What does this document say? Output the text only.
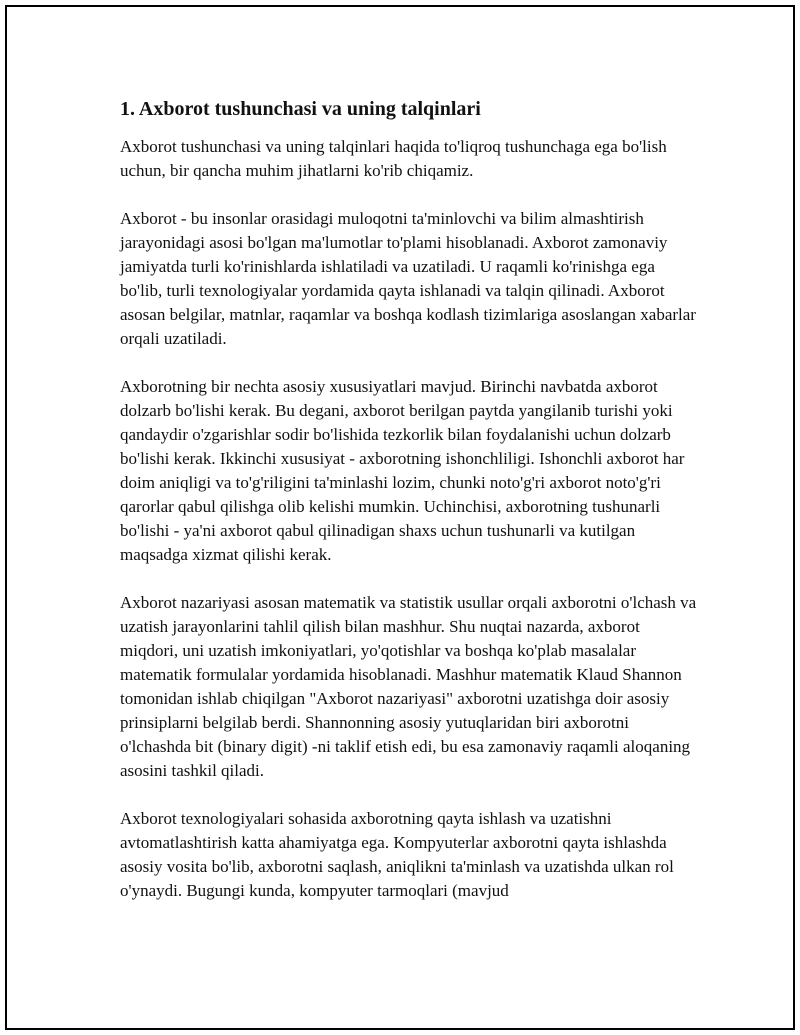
1. Axborot tushunchasi va uning talqinlari

Axborot tushunchasi va uning talqinlari haqida to'liqroq tushunchaga ega bo'lish uchun, bir qancha muhim jihatlarni ko'rib chiqamiz.

Axborot - bu insonlar orasidagi muloqotni ta'minlovchi va bilim almashtirish jarayonidagi asosi bo'lgan ma'lumotlar to'plami hisoblanadi. Axborot zamonaviy jamiyatda turli ko'rinishlarda ishlatiladi va uzatiladi. U raqamli ko'rinishga ega bo'lib, turli texnologiyalar yordamida qayta ishlanadi va talqin qilinadi. Axborot asosan belgilar, matnlar, raqamlar va boshqa kodlash tizimlariga asoslangan xabarlar orqali uzatiladi.

Axborotning bir nechta asosiy xususiyatlari mavjud. Birinchi navbatda axborot dolzarb bo'lishi kerak. Bu degani, axborot berilgan paytda yangilanib turishi yoki qandaydir o'zgarishlar sodir bo'lishida tezkorlik bilan foydalanishi uchun dolzarb bo'lishi kerak. Ikkinchi xususiyat - axborotning ishonchliligi. Ishonchli axborot har doim aniqligi va to'g'riligini ta'minlashi lozim, chunki noto'g'ri axborot noto'g'ri qarorlar qabul qilishga olib kelishi mumkin. Uchinchisi, axborotning tushunarli bo'lishi - ya'ni axborot qabul qilinadigan shaxs uchun tushunarli va kutilgan maqsadga xizmat qilishi kerak.

Axborot nazariyasi asosan matematik va statistik usullar orqali axborotni o'lchash va uzatish jarayonlarini tahlil qilish bilan mashhur. Shu nuqtai nazarda, axborot miqdori, uni uzatish imkoniyatlari, yo'qotishlar va boshqa ko'plab masalalar matematik formulalar yordamida hisoblanadi. Mashhur matematik Klaud Shannon tomonidan ishlab chiqilgan "Axborot nazariyasi" axborotni uzatishga doir asosiy prinsiplarni belgilab berdi. Shannonning asosiy yutuqlaridan biri axborotni o'lchashda bit (binary digit) -ni taklif etish edi, bu esa zamonaviy raqamli aloqaning asosini tashkil qiladi.

Axborot texnologiyalari sohasida axborotning qayta ishlash va uzatishni avtomatlashtirish katta ahamiyatga ega. Kompyuterlar axborotni qayta ishlashda asosiy vosita bo'lib, axborotni saqlash, aniqlikni ta'minlash va uzatishda ulkan rol o'ynaydi. Bugungi kunda, kompyuter tarmoqlari (mavjud
